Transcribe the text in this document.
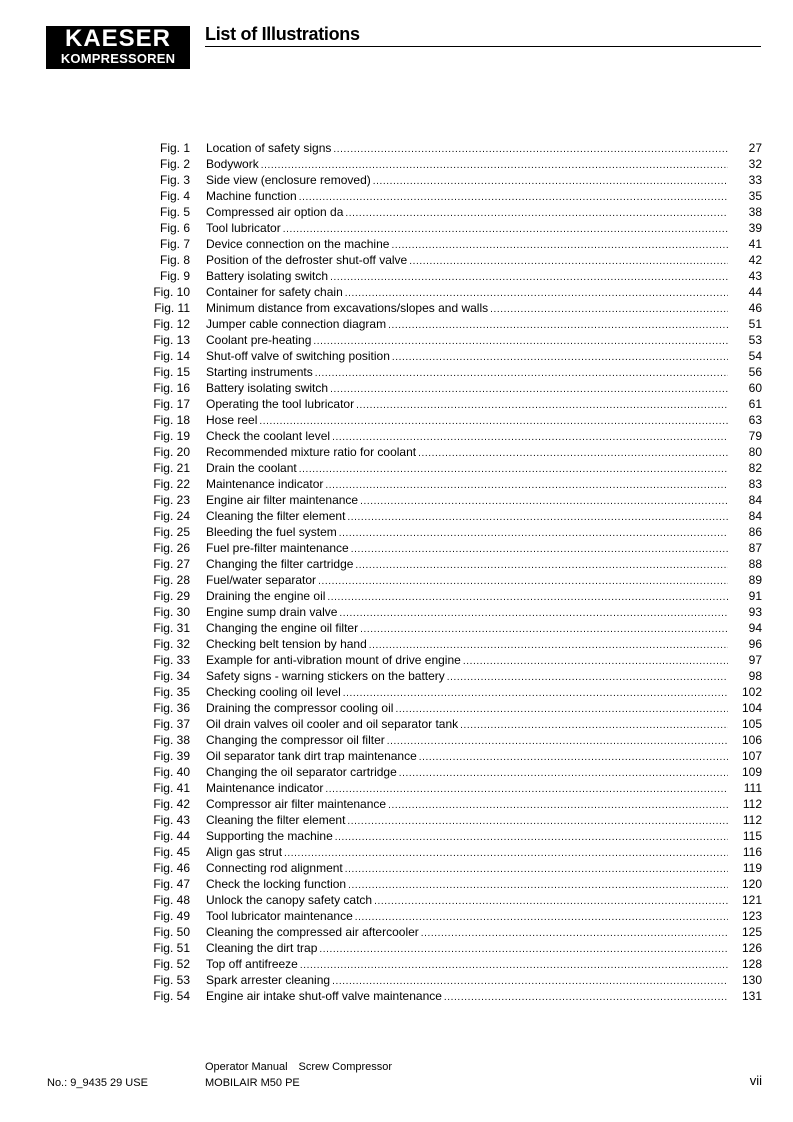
KAESER
KOMPRESSOREN
List of Illustrations
Fig. 1 Location of safety signs .....	27
Fig. 2 Bodywork .....	32
Fig. 3 Side view (enclosure removed) .....	33
Fig. 4 Machine function .....	35
Fig. 5 Compressed air option da .....	38
Fig. 6 Tool lubricator .....	39
Fig. 7 Device connection on the machine .....	41
Fig. 8 Position of the defroster shut-off valve .....	42
Fig. 9 Battery isolating switch .....	43
Fig. 10 Container for safety chain .....	44
Fig. 11 Minimum distance from excavations/slopes and walls .....	46
Fig. 12 Jumper cable connection diagram .....	51
Fig. 13 Coolant pre-heating .....	53
Fig. 14 Shut-off valve of switching position .....	54
Fig. 15 Starting instruments .....	56
Fig. 16 Battery isolating switch .....	60
Fig. 17 Operating the tool lubricator .....	61
Fig. 18 Hose reel .....	63
Fig. 19 Check the coolant level .....	79
Fig. 20 Recommended mixture ratio for coolant .....	80
Fig. 21 Drain the coolant .....	82
Fig. 22 Maintenance indicator .....	83
Fig. 23 Engine air filter maintenance .....	84
Fig. 24 Cleaning the filter element .....	84
Fig. 25 Bleeding the fuel system .....	86
Fig. 26 Fuel pre-filter maintenance .....	87
Fig. 27 Changing the filter cartridge .....	88
Fig. 28 Fuel/water separator .....	89
Fig. 29 Draining the engine oil .....	91
Fig. 30 Engine sump drain valve .....	93
Fig. 31 Changing the engine oil filter .....	94
Fig. 32 Checking belt tension by hand .....	96
Fig. 33 Example for anti-vibration mount of drive engine .....	97
Fig. 34 Safety signs - warning stickers on the battery .....	98
Fig. 35 Checking cooling oil level .....	102
Fig. 36 Draining the compressor cooling oil .....	104
Fig. 37 Oil drain valves oil cooler and oil separator tank .....	105
Fig. 38 Changing the compressor oil filter .....	106
Fig. 39 Oil separator tank dirt trap maintenance .....	107
Fig. 40 Changing the oil separator cartridge .....	109
Fig. 41 Maintenance indicator .....	111
Fig. 42 Compressor air filter maintenance .....	112
Fig. 43 Cleaning the filter element .....	112
Fig. 44 Supporting the machine .....	115
Fig. 45 Align gas strut .....	116
Fig. 46 Connecting rod alignment .....	119
Fig. 47 Check the locking function .....	120
Fig. 48 Unlock the canopy safety catch .....	121
Fig. 49 Tool lubricator maintenance .....	123
Fig. 50 Cleaning the compressed air aftercooler .....	125
Fig. 51 Cleaning the dirt trap .....	126
Fig. 52 Top off antifreeze .....	128
Fig. 53 Spark arrester cleaning .....	130
Fig. 54 Engine air intake shut-off valve maintenance .....	131
Operator Manual Screw Compressor
No.: 9_9435 29 USE	MOBILAIR M50 PE	vii
